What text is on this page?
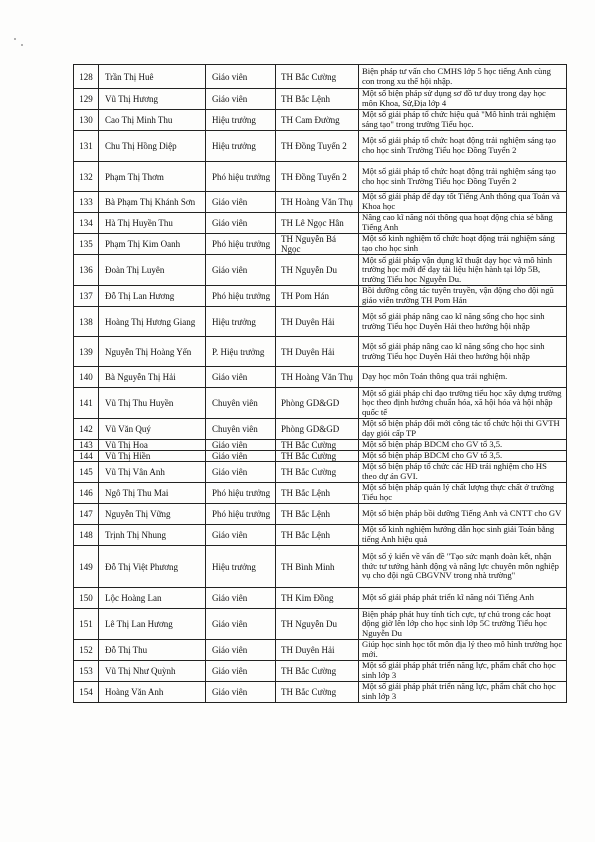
128	Trần Thị Huê	Giáo viên	TH Bắc Cường	Biện pháp tư vấn cho CMHS lớp 5 học tiếng Anh cùng con trong xu thế hội nhập.
129	Vũ Thị Hương	Giáo viên	TH Bắc Lệnh	Một số biện pháp sử dụng sơ đồ tư duy trong dạy học môn Khoa, Sử,Địa lớp 4
130	Cao Thị Minh Thu	Hiệu trưởng	TH Cam Đường	Một số giải pháp tổ chức hiệu quả "Mô hình trải nghiệm sáng tạo" trong trường Tiểu học.
131	Chu Thị Hồng Diệp	Hiệu trưởng	TH Đồng Tuyển 2	Một số giải pháp tổ chức hoạt động trải nghiệm sáng tạo cho học sinh Trường Tiểu học Đồng Tuyển 2
132	Phạm Thị Thơm	Phó hiệu trưởng	TH Đồng Tuyển 2	Một số giải pháp tổ chức hoạt động trải nghiệm sáng tạo cho học sinh Trường Tiểu học Đồng Tuyển 2
133	Bà Phạm Thị Khánh Sơn	Giáo viên	TH Hoàng Văn Thụ	Một số giải pháp để dạy tốt Tiếng Anh thông qua Toán và Khoa học
134	Hà Thị Huyền Thu	Giáo viên	TH Lê Ngọc Hân	Nâng cao kĩ năng nói thông qua hoạt động chia sẻ bằng Tiếng Anh
135	Phạm Thị Kim Oanh	Phó hiệu trưởng	TH Nguyễn Bá Ngọc	Một số kinh nghiệm tổ chức hoạt động trải nghiệm sáng tạo cho học sinh
136	Đoàn Thị Luyên	Giáo viên	TH Nguyễn Du	Một số giải pháp vận dụng kĩ thuật dạy học và mô hình trường học mới để dạy tài liệu hiện hành tại lớp 5B, trường Tiểu học Nguyễn Du.
137	Đỗ Thị Lan Hương	Phó hiệu trưởng	TH Pom Hán	Bồi dưỡng công tác tuyên truyền, vận động cho đội ngũ giáo viên trường TH Pom Hán
138	Hoàng Thị Hương Giang	Hiệu trưởng	TH Duyên Hải	Một số giải pháp nâng cao kĩ năng sống cho học sinh trường Tiểu học Duyên Hải theo hướng hội nhập
139	Nguyễn Thị Hoàng Yến	P. Hiệu trưởng	TH Duyên Hải	Một số giải pháp nâng cao kĩ năng sống cho học sinh trường Tiểu học Duyên Hải theo hướng hội nhập
140	Bà Nguyễn Thị Hải	Giáo viên	TH Hoàng Văn Thụ	Dạy học môn Toán thông qua trải nghiệm.
141	Vũ Thị Thu Huyền	Chuyên viên	Phòng GD&GD	Một số giải pháp chỉ đạo trường tiểu học xây dựng trường học theo định hướng chuẩn hóa, xã hội hóa và hội nhập quốc tế
142	Vũ Văn Quý	Chuyên viên	Phòng GD&GD	Một số biện pháp đổi mới công tác tổ chức hội thi GVTH dạy giỏi cấp TP
143	Vũ Thị Hoa	Giáo viên	TH Bắc Cường	Một số biện pháp BDCM cho GV tổ 3,5.
144	Vũ Thị Hiền	Giáo viên	TH Bắc Cường	Một số biện pháp BDCM cho GV tổ 3,5.
145	Vũ Thị Vân Anh	Giáo viên	TH Bắc Cường	Một số biện pháp tổ chức các HĐ trải nghiệm cho HS theo dự án GVI.
146	Ngô Thị Thu Mai	Phó hiệu trưởng	TH Bắc Lệnh	Một số biện pháp quản lý chất lượng thực chất ở trường Tiểu học
147	Nguyễn Thị Vững	Phó hiệu trưởng	TH Bắc Lệnh	Một số biện pháp bồi dưỡng Tiếng Anh và CNTT cho GV
148	Trịnh Thị Nhung	Giáo viên	TH Bắc Lệnh	Một số kinh nghiệm hướng dẫn học sinh giải Toán bằng tiếng Anh hiệu quả
149	Đỗ Thị Việt Phương	Hiệu trưởng	TH Bình Minh	Một số ý kiến về vấn đề "Tạo sức mạnh đoàn kết, nhận thức tư tưởng hành động và nâng lực chuyên môn nghiệp vụ cho đội ngũ CBGVNV trong nhà trường"
150	Lộc Hoàng Lan	Giáo viên	TH Kim Đồng	Một số giải pháp phát triển kĩ năng nói Tiếng Anh
151	Lê Thị Lan Hương	Giáo viên	TH Nguyễn Du	Biện pháp phát huy tính tích cực, tự chủ trong các hoạt động giờ lên lớp cho học sinh lớp 5C trường Tiểu học Nguyễn Du
152	Đỗ Thị Thu	Giáo viên	TH Duyên Hải	Giúp học sinh học tốt môn địa lý theo mô hình trường học mới.
153	Vũ Thị Như Quỳnh	Giáo viên	TH Bắc Cường	Một số giải pháp phát triển năng lực, phẩm chất cho học sinh lớp 3
154	Hoàng Văn Anh	Giáo viên	TH Bắc Cường	Một số giải pháp phát triển năng lực, phẩm chất cho học sinh lớp 3
